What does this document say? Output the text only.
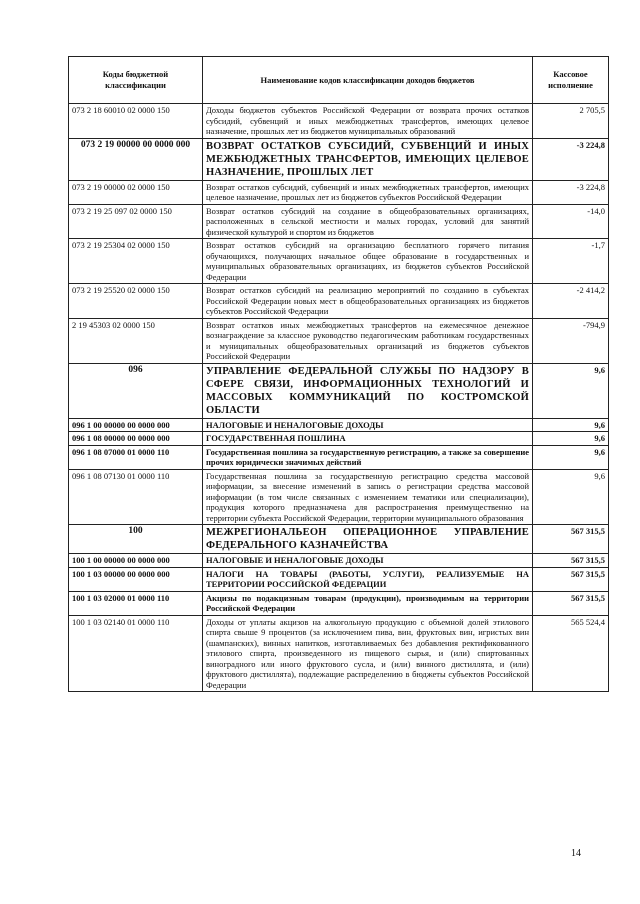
Коды бюджетной классификации	Наименование кодов классификации доходов бюджетов	Кассовое исполнение
073 2 18 60010 02 0000 150	Доходы бюджетов субъектов Российской Федерации от возврата прочих остатков субсидий, субвенций и иных межбюджетных трансфертов, имеющих целевое назначение, прошлых лет из бюджетов муниципальных образований	2 705,5
073 2 19 00000 00 0000 000	ВОЗВРАТ ОСТАТКОВ СУБСИДИЙ, СУБВЕНЦИЙ И ИНЫХ МЕЖБЮДЖЕТНЫХ ТРАНСФЕРТОВ, ИМЕЮЩИХ ЦЕЛЕВОЕ НАЗНАЧЕНИЕ, ПРОШЛЫХ ЛЕТ	-3 224,8
073 2 19 00000 02 0000 150	Возврат остатков субсидий, субвенций и иных межбюджетных трансфертов, имеющих целевое назначение, прошлых лет из бюджетов субъектов Российской Федерации	-3 224,8
073 2 19 25 097 02 0000 150	Возврат остатков субсидий на создание в общеобразовательных организациях, расположенных в сельской местности и малых городах, условий для занятий физической культурой и спортом из бюджетов	-14,0
073 2 19 25304 02 0000 150	Возврат остатков субсидий на организацию бесплатного горячего питания обучающихся, получающих начальное общее образование в государственных и муниципальных образовательных организациях, из бюджетов субъектов Российской Федерации	-1,7
073 2 19 25520 02 0000 150	Возврат остатков субсидий на реализацию мероприятий по созданию в субъектах Российской Федерации новых мест в общеобразовательных организациях из бюджетов субъектов Российской Федерации	-2 414,2
2 19 45303 02 0000 150	Возврат остатков иных межбюджетных трансфертов на ежемесячное денежное вознаграждение за классное руководство педагогическим работникам государственных и муниципальных общеобразовательных организаций из бюджетов субъектов Российской Федерации	-794,9
096	УПРАВЛЕНИЕ ФЕДЕРАЛЬНОЙ СЛУЖБЫ ПО НАДЗОРУ В СФЕРЕ СВЯЗИ, ИНФОРМАЦИОННЫХ ТЕХНОЛОГИЙ И МАССОВЫХ КОММУНИКАЦИЙ ПО КОСТРОМСКОЙ ОБЛАСТИ	9,6
096 1 00 00000 00 0000 000	НАЛОГОВЫЕ И НЕНАЛОГОВЫЕ ДОХОДЫ	9,6
096 1 08 00000 00 0000 000	ГОСУДАРСТВЕННАЯ ПОШЛИНА	9,6
096 1 08 07000 01 0000 110	Государственная пошлина за государственную регистрацию, а также за совершение прочих юридически значимых действий	9,6
096 1 08 07130 01 0000 110	Государственная пошлина за государственную регистрацию средства массовой информации, за внесение изменений в запись о регистрации средства массовой информации (в том числе связанных с изменением тематики или специализации), продукция которого предназначена для распространения преимущественно на территории субъекта Российской Федерации, территории муниципального образования	9,6
100	МЕЖРЕГИОНАЛЬЕОН ОПЕРАЦИОННОЕ УПРАВЛЕНИЕ ФЕДЕРАЛЬНОГО КАЗНАЧЕЙСТВА	567 315,5
100 1 00 00000 00 0000 000	НАЛОГОВЫЕ И НЕНАЛОГОВЫЕ ДОХОДЫ	567 315,5
100 1 03 00000 00 0000 000	НАЛОГИ НА ТОВАРЫ (РАБОТЫ, УСЛУГИ), РЕАЛИЗУЕМЫЕ НА ТЕРРИТОРИИ РОССИЙСКОЙ ФЕДЕРАЦИИ	567 315,5
100 1 03 02000 01 0000 110	Акцизы по подакцизным товарам (продукции), производимым на территории Российской Федерации	567 315,5
100 1 03 02140 01 0000 110	Доходы от уплаты акцизов на алкогольную продукцию с объемной долей этилового спирта свыше 9 процентов (за исключением пива, вин, фруктовых вин, игристых вин (шампанских), винных напитков, изготавливаемых без добавления ректификованного этилового спирта, произведенного из пищевого сырья, и (или) спиртованных виноградного или иного фруктового сусла, и (или) винного дистиллята, и (или) фруктового дистиллята), подлежащие распределению в бюджеты субъектов Российской Федерации	565 524,4
14
